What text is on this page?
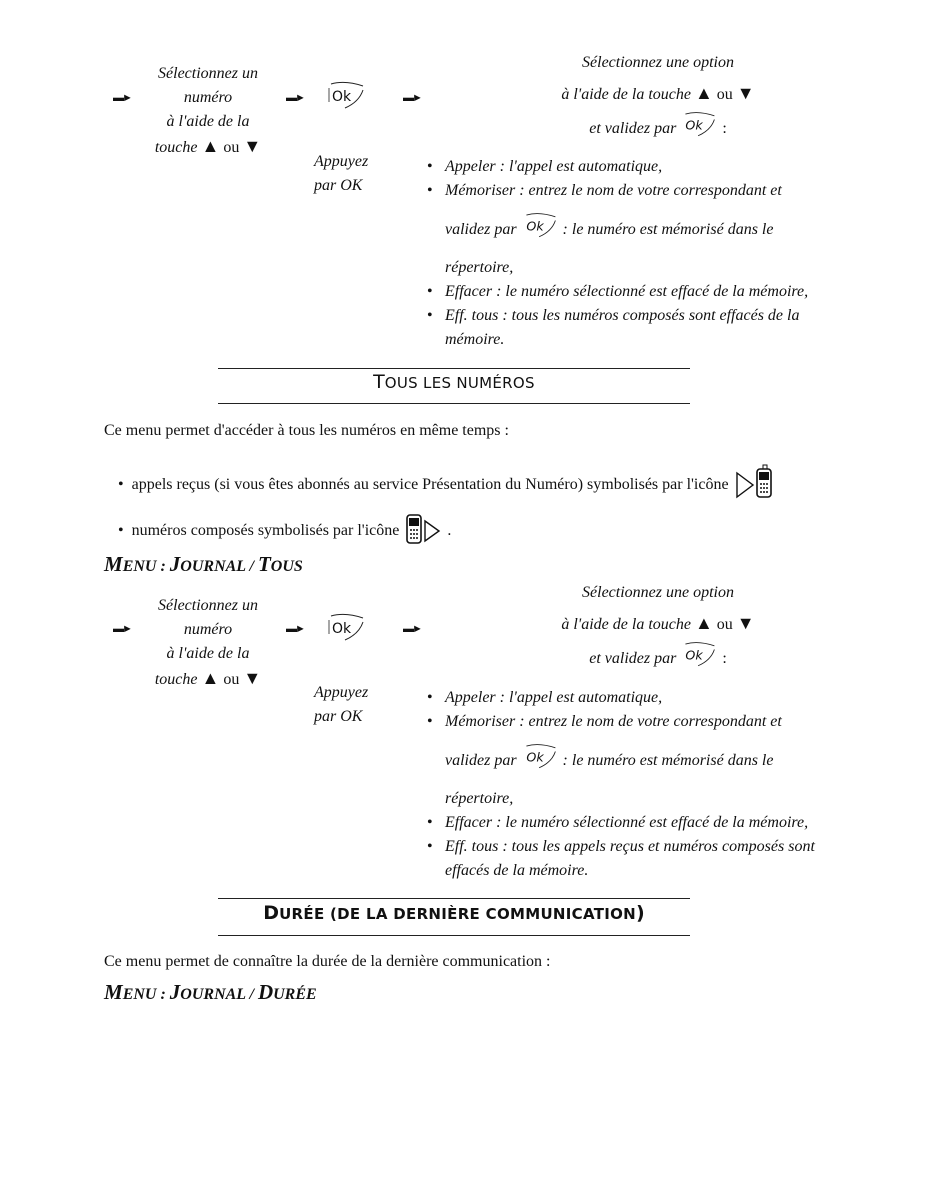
Sélectionnez un
numéro
à l'aide de la
touche ▲ ou ▼
▬►	▬► Ok	▬►
Appuyez
par OK
Sélectionnez une option
à l'aide de la touche ▲ ou ▼
et validez par Ok :
• Appeler : l'appel est automatique,
• Mémoriser : entrez le nom de votre correspondant et
validez par Ok : le numéro est mémorisé dans le
répertoire,
• Effacer : le numéro sélectionné est effacé de la mémoire,
• Eff. tous : tous les numéros composés sont effacés de la
mémoire.
TOUS LES NUMÉROS
Ce menu permet d'accéder à tous les numéros en même temps :
•  appels reçus (si vous êtes abonnés au service Présentation du Numéro) symbolisés par l'icône
•  numéros composés symbolisés par l'icône	.
MENU : JOURNAL / TOUS
Sélectionnez un
numéro
à l'aide de la
touche ▲ ou ▼
▬►	▬► Ok	▬►
Appuyez
par OK
Sélectionnez une option
à l'aide de la touche ▲ ou ▼
et validez par Ok :
• Appeler : l'appel est automatique,
• Mémoriser : entrez le nom de votre correspondant et
validez par Ok : le numéro est mémorisé dans le
répertoire,
• Effacer : le numéro sélectionné est effacé de la mémoire,
• Eff. tous : tous les appels reçus et numéros composés sont
effacés de la mémoire.
DURÉE (DE LA DERNIÈRE COMMUNICATION)
Ce menu permet de connaître la durée de la dernière communication :
MENU : JOURNAL / DURÉE
